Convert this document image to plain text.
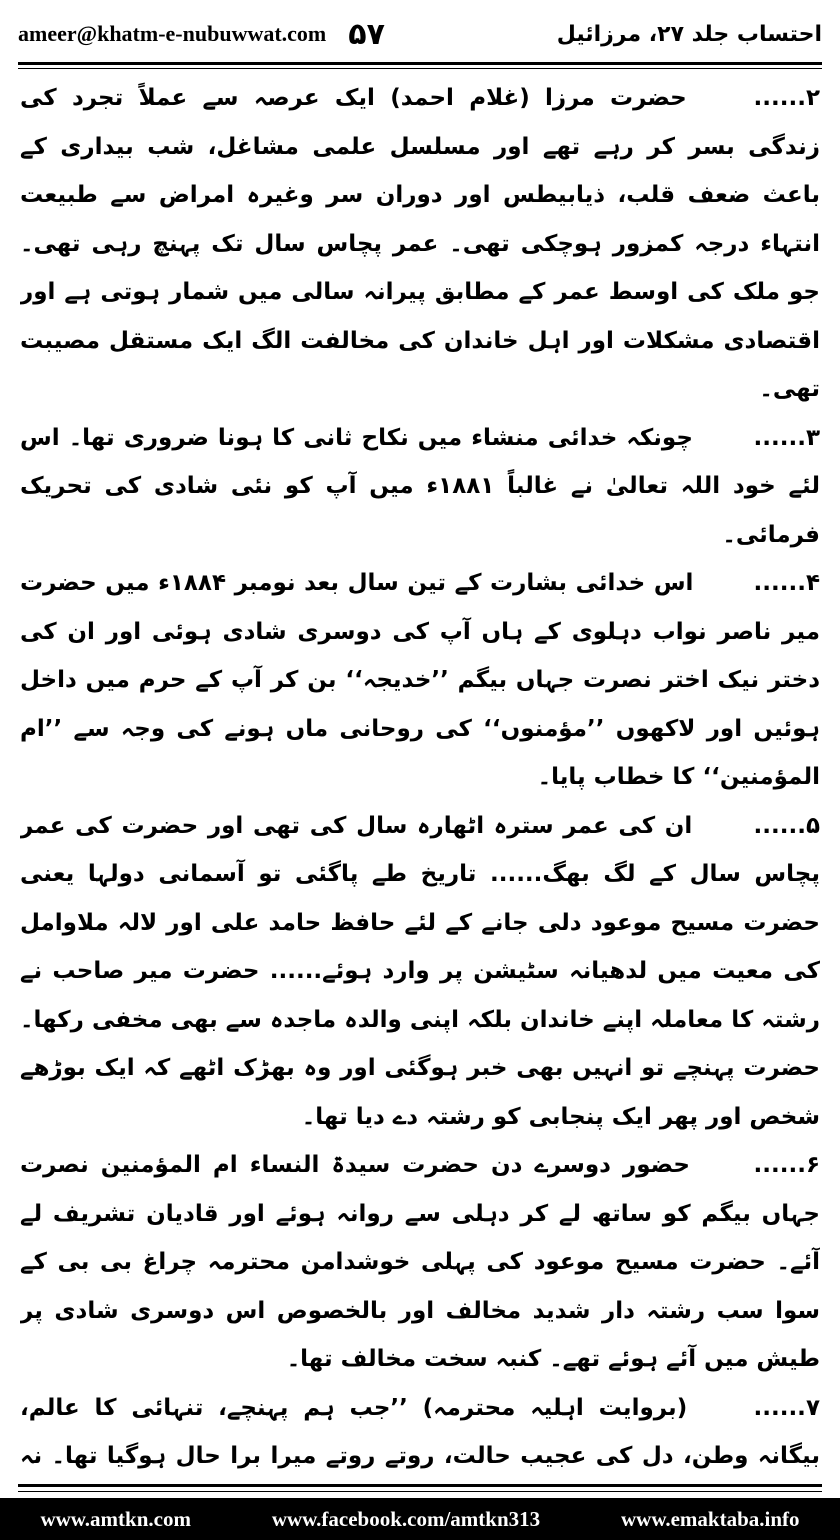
ameer@khatm-e-nubuwwat.com ۵۷	احتساب جلد ۲۷، مرزائیل

۲...... حضرت مرزا (غلام احمد) ایک عرصہ سے عملاً تجرد کی زندگی بسر کر رہے تھے اور مسلسل علمی مشاغل، شب بیداری کے باعث ضعف قلب، ذیابیطس اور دوران سر وغیرہ امراض سے طبیعت انتہاء درجہ کمزور ہوچکی تھی۔ عمر پچاس سال تک پہنچ رہی تھی۔ جو ملک کی اوسط عمر کے مطابق پیرانہ سالی میں شمار ہوتی ہے اور اقتصادی مشکلات اور اہل خاندان کی مخالفت الگ ایک مستقل مصیبت تھی۔

۳...... چونکہ خدائی منشاء میں نکاح ثانی کا ہونا ضروری تھا۔ اس لئے خود اللہ تعالیٰ نے غالباً ۱۸۸۱ء میں آپ کو نئی شادی کی تحریک فرمائی۔

۴...... اس خدائی بشارت کے تین سال بعد نومبر ۱۸۸۴ء میں حضرت میر ناصر نواب دہلوی کے ہاں آپ کی دوسری شادی ہوئی اور ان کی دختر نیک اختر نصرت جہاں بیگم ’’خدیجہ‘‘ بن کر آپ کے حرم میں داخل ہوئیں اور لاکھوں ’’مؤمنوں‘‘ کی روحانی ماں ہونے کی وجہ سے ’’ام المؤمنین‘‘ کا خطاب پایا۔

۵...... ان کی عمر سترہ اٹھارہ سال کی تھی اور حضرت کی عمر پچاس سال کے لگ بھگ...... تاریخ طے پاگئی تو آسمانی دولہا یعنی حضرت مسیح موعود دلی جانے کے لئے حافظ حامد علی اور لالہ ملاوامل کی معیت میں لدھیانہ سٹیشن پر وارد ہوئے...... حضرت میر صاحب نے رشتہ کا معاملہ اپنے خاندان بلکہ اپنی والدہ ماجدہ سے بھی مخفی رکھا۔ حضرت پہنچے تو انہیں بھی خبر ہوگئی اور وہ بھڑک اٹھے کہ ایک بوڑھے شخص اور پھر ایک پنجابی کو رشتہ دے دیا تھا۔

۶...... حضور دوسرے دن حضرت سیدۃ النساء ام المؤمنین نصرت جہاں بیگم کو ساتھ لے کر دہلی سے روانہ ہوئے اور قادیان تشریف لے آئے۔ حضرت مسیح موعود کی پہلی خوشدامن محترمہ چراغ بی بی کے سوا سب رشتہ دار شدید مخالف اور بالخصوص اس دوسری شادی پر طیش میں آئے ہوئے تھے۔ کنبہ سخت مخالف تھا۔

۷...... (بروایت اہلیہ محترمہ) ’’جب ہم پہنچے، تنہائی کا عالم، بیگانہ وطن، دل کی عجیب حالت، روتے روتے میرا برا حال ہوگیا تھا۔ نہ

www.amtkn.com	www.facebook.com/amtkn313	www.emaktaba.info
